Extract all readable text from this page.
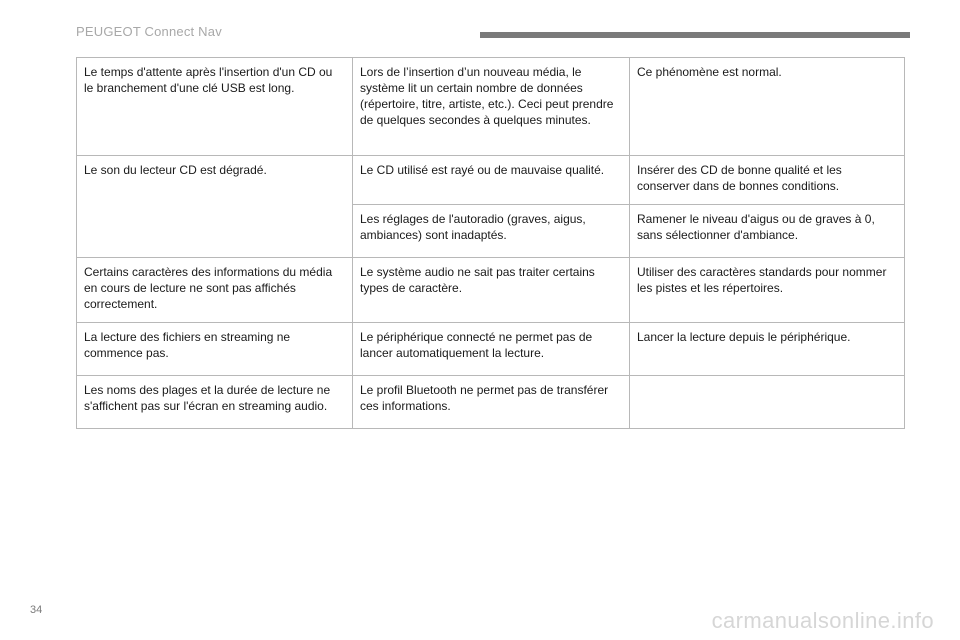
PEUGEOT Connect Nav
Le temps d'attente après l'insertion d'un CD ou le branchement d'une clé USB est long.	Lors de l’insertion d’un nouveau média, le système lit un certain nombre de données (répertoire, titre, artiste, etc.). Ceci peut prendre de quelques secondes à quelques minutes.	Ce phénomène est normal.
Le son du lecteur CD est dégradé.	Le CD utilisé est rayé ou de mauvaise qualité.	Insérer des CD de bonne qualité et les conserver dans de bonnes conditions.
	Les réglages de l'autoradio (graves, aigus, ambiances) sont inadaptés.	Ramener le niveau d'aigus ou de graves à 0, sans sélectionner d'ambiance.
Certains caractères des informations du média en cours de lecture ne sont pas affichés correctement.	Le système audio ne sait pas traiter certains types de caractère.	Utiliser des caractères standards pour nommer les pistes et les répertoires.
La lecture des fichiers en streaming ne commence pas.	Le périphérique connecté ne permet pas de lancer automatiquement la lecture.	Lancer la lecture depuis le périphérique.
Les noms des plages et la durée de lecture ne s'affichent pas sur l'écran en streaming audio.	Le profil Bluetooth ne permet pas de transférer ces informations.	
34	carmanualsonline.info
